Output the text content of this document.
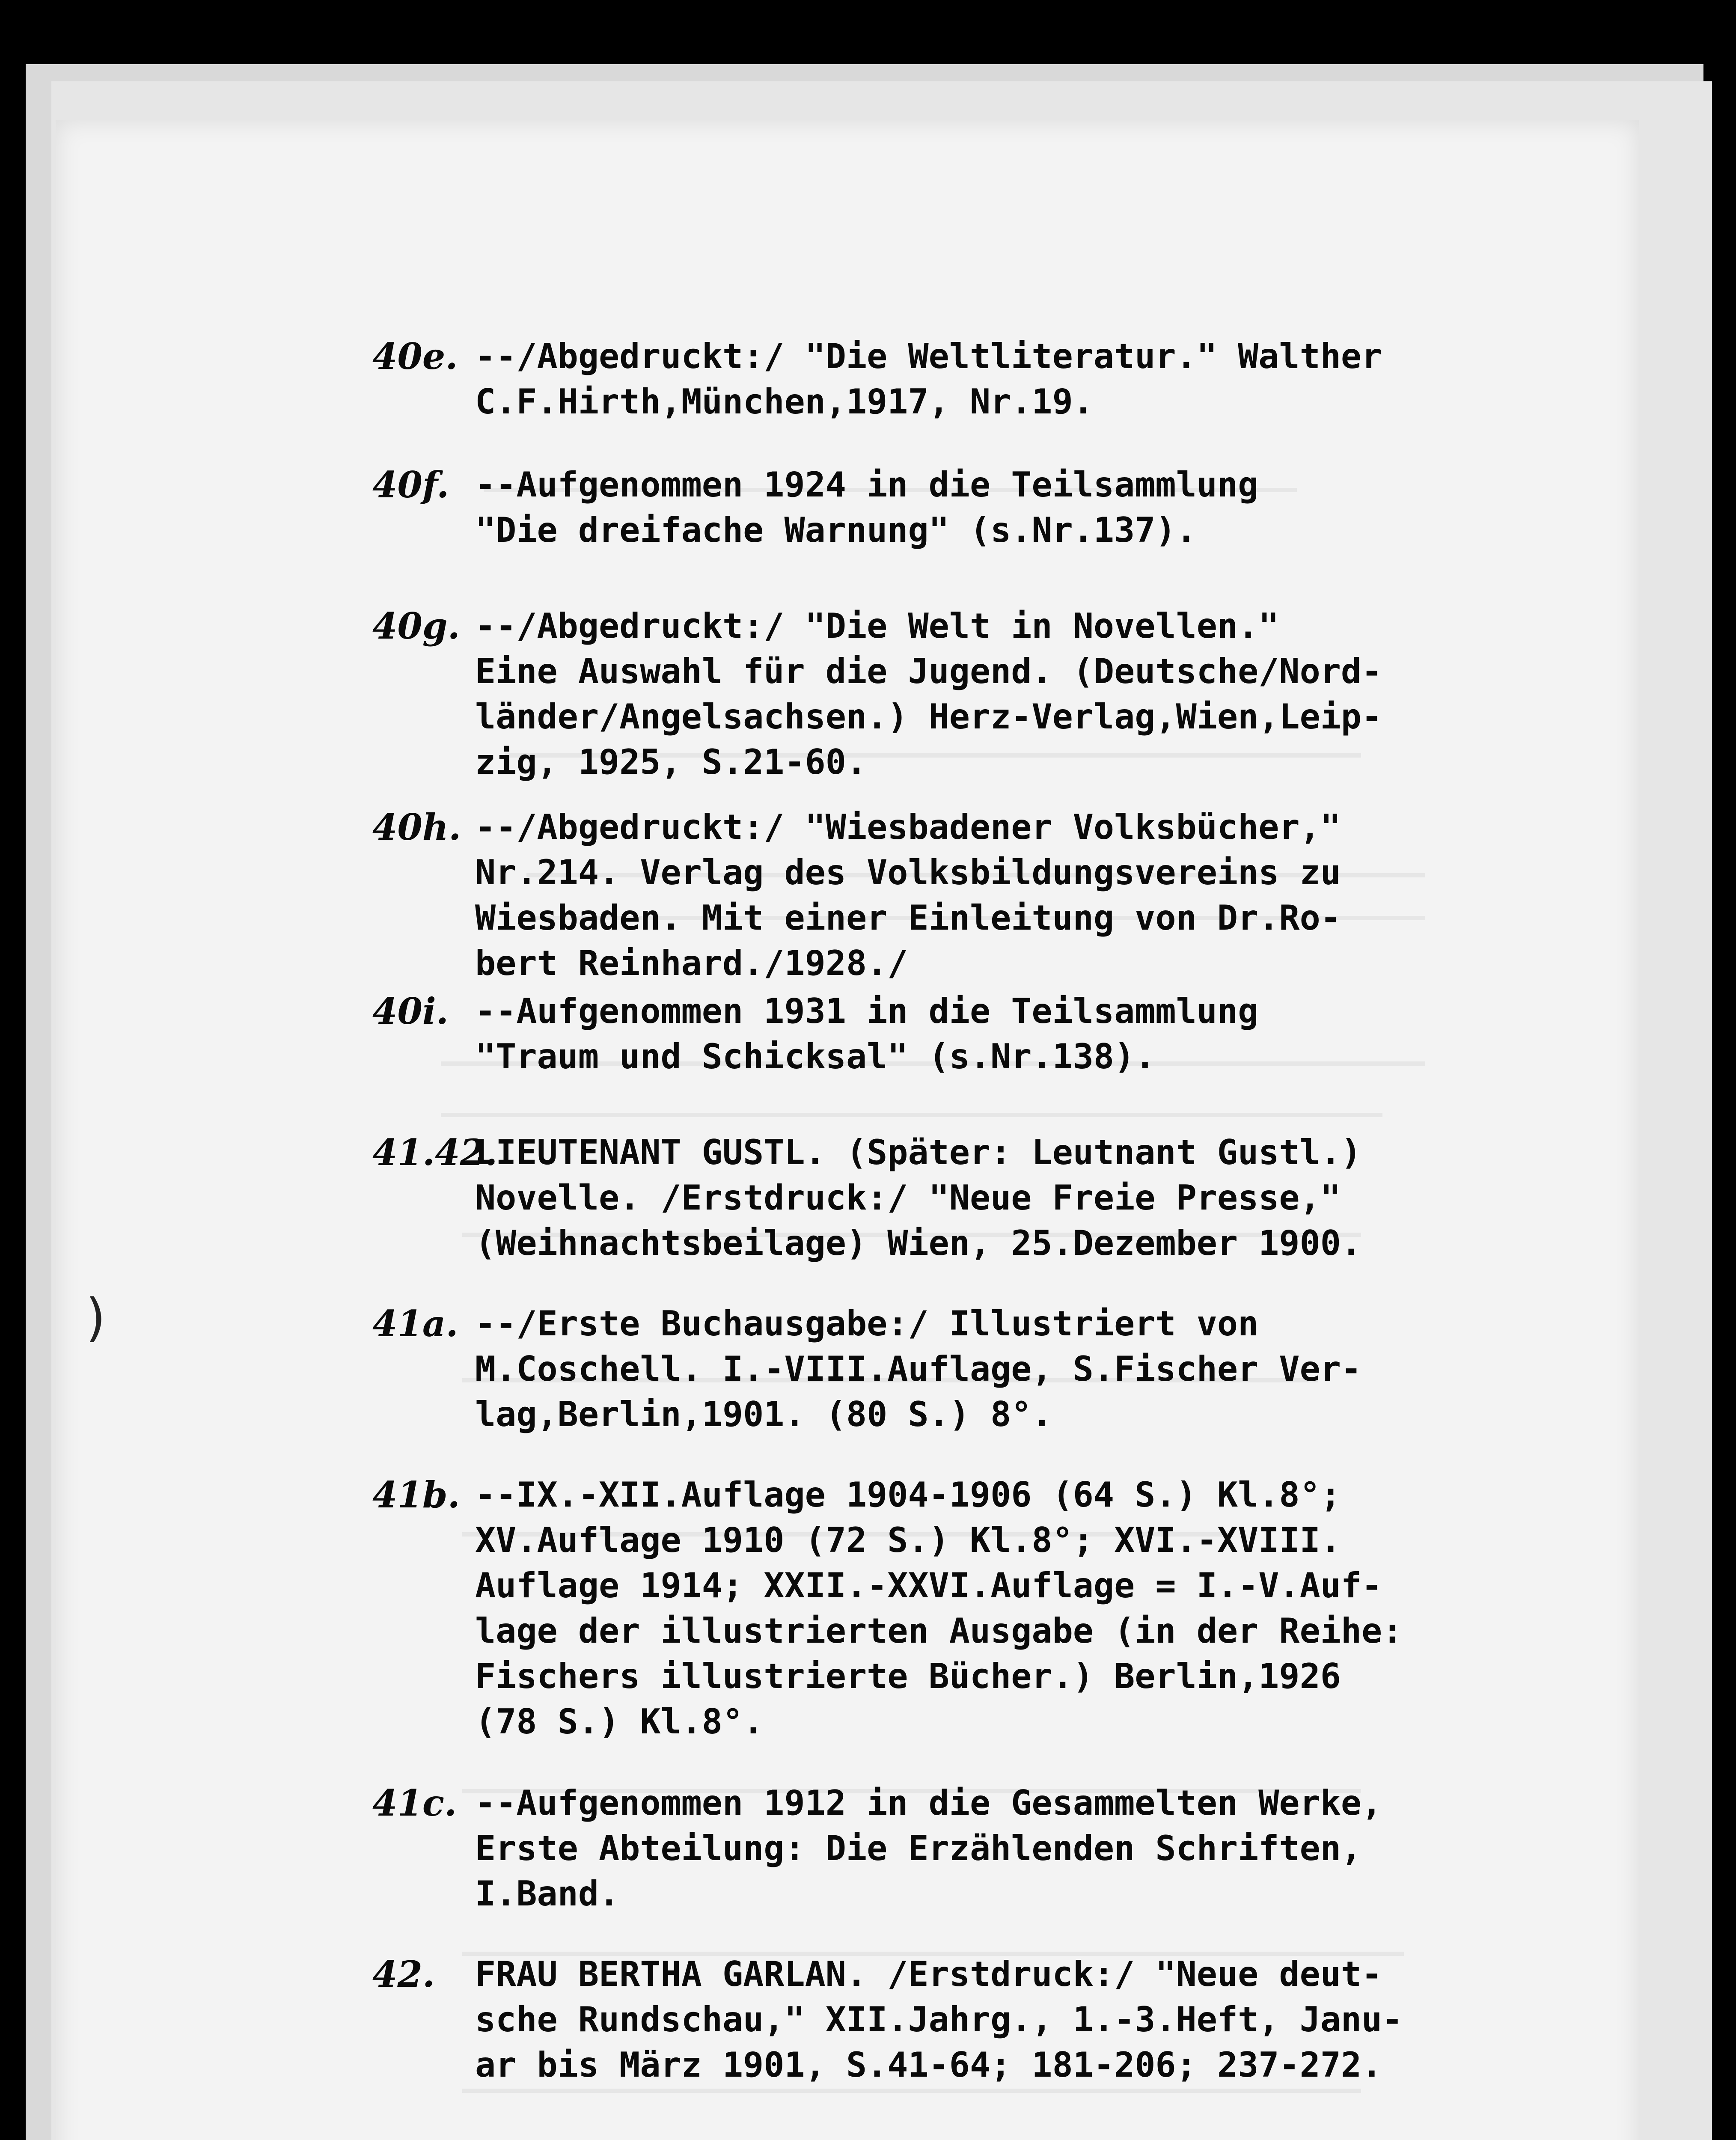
)
40e. --/Abgedruckt:/ "Die Weltliteratur." Walther
C.F.Hirth,München,1917, Nr.19.
40f. --Aufgenommen 1924 in die Teilsammlung
"Die dreifache Warnung" (s.Nr.137).
40g. --/Abgedruckt:/ "Die Welt in Novellen."
Eine Auswahl für die Jugend. (Deutsche/Nord-
länder/Angelsachsen.) Herz-Verlag,Wien,Leip-
zig, 1925, S.21-60.
40h. --/Abgedruckt:/ "Wiesbadener Volksbücher,"
Nr.214. Verlag des Volksbildungsvereins zu
Wiesbaden. Mit einer Einleitung von Dr.Ro-
bert Reinhard./1928./
40i. --Aufgenommen 1931 in die Teilsammlung
"Traum und Schicksal" (s.Nr.138).
41.42.
LIEUTENANT GUSTL. (Später: Leutnant Gustl.)
Novelle. /Erstdruck:/ "Neue Freie Presse,"
(Weihnachtsbeilage) Wien, 25.Dezember 1900.
41a. --/Erste Buchausgabe:/ Illustriert von
M.Coschell. I.-VIII.Auflage, S.Fischer Ver-
lag,Berlin,1901. (80 S.) 8°.
41b. --IX.-XII.Auflage 1904-1906 (64 S.) Kl.8°;
XV.Auflage 1910 (72 S.) Kl.8°; XVI.-XVIII.
Auflage 1914; XXII.-XXVI.Auflage = I.-V.Auf-
lage der illustrierten Ausgabe (in der Reihe:
Fischers illustrierte Bücher.) Berlin,1926
(78 S.) Kl.8°.
41c. --Aufgenommen 1912 in die Gesammelten Werke,
Erste Abteilung: Die Erzählenden Schriften,
I.Band.
42.	FRAU BERTHA GARLAN. /Erstdruck:/ "Neue deut-
sche Rundschau," XII.Jahrg., 1.-3.Heft, Janu-
ar bis März 1901, S.41-64; 181-206; 237-272.
